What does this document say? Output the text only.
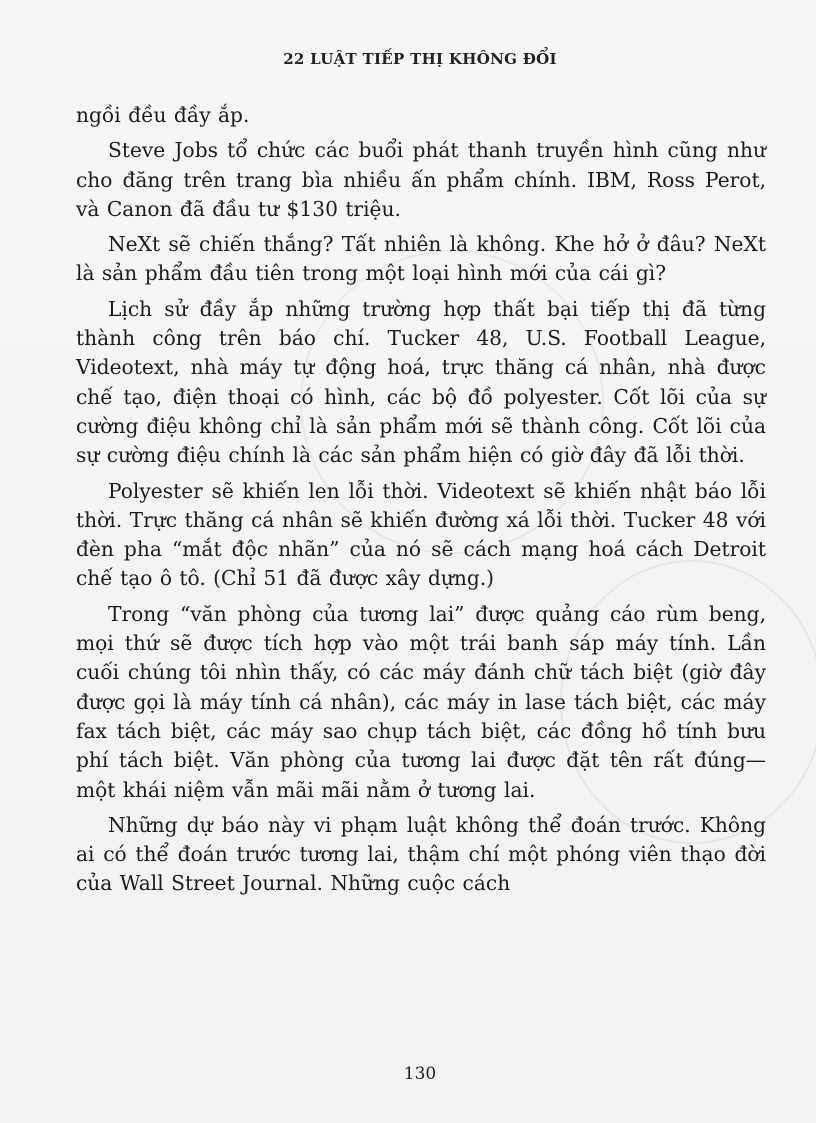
22 LUẬT TIẾP THỊ KHÔNG ĐỔI

ngồi đều đầy ắp.

Steve Jobs tổ chức các buổi phát thanh truyền hình cũng như cho đăng trên trang bìa nhiều ấn phẩm chính. IBM, Ross Perot, và Canon đã đầu tư $130 triệu.

NeXt sẽ chiến thắng? Tất nhiên là không. Khe hở ở đâu? NeXt là sản phẩm đầu tiên trong một loại hình mới của cái gì?

Lịch sử đầy ắp những trường hợp thất bại tiếp thị đã từng thành công trên báo chí. Tucker 48, U.S. Football League, Videotext, nhà máy tự động hoá, trực thăng cá nhân, nhà được chế tạo, điện thoại có hình, các bộ đồ polyester. Cốt lõi của sự cường điệu không chỉ là sản phẩm mới sẽ thành công. Cốt lõi của sự cường điệu chính là các sản phẩm hiện có giờ đây đã lỗi thời.

Polyester sẽ khiến len lỗi thời. Videotext sẽ khiến nhật báo lỗi thời. Trực thăng cá nhân sẽ khiến đường xá lỗi thời. Tucker 48 với đèn pha “mắt độc nhãn” của nó sẽ cách mạng hoá cách Detroit chế tạo ô tô. (Chỉ 51 đã được xây dựng.)

Trong “văn phòng của tương lai” được quảng cáo rùm beng, mọi thứ sẽ được tích hợp vào một trái banh sáp máy tính. Lần cuối chúng tôi nhìn thấy, có các máy đánh chữ tách biệt (giờ đây được gọi là máy tính cá nhân), các máy in lase tách biệt, các máy fax tách biệt, các máy sao chụp tách biệt, các đồng hồ tính bưu phí tách biệt. Văn phòng của tương lai được đặt tên rất đúng—một khái niệm vẫn mãi mãi nằm ở tương lai.

Những dự báo này vi phạm luật không thể đoán trước. Không ai có thể đoán trước tương lai, thậm chí một phóng viên thạo đời của Wall Street Journal. Những cuộc cách

130
